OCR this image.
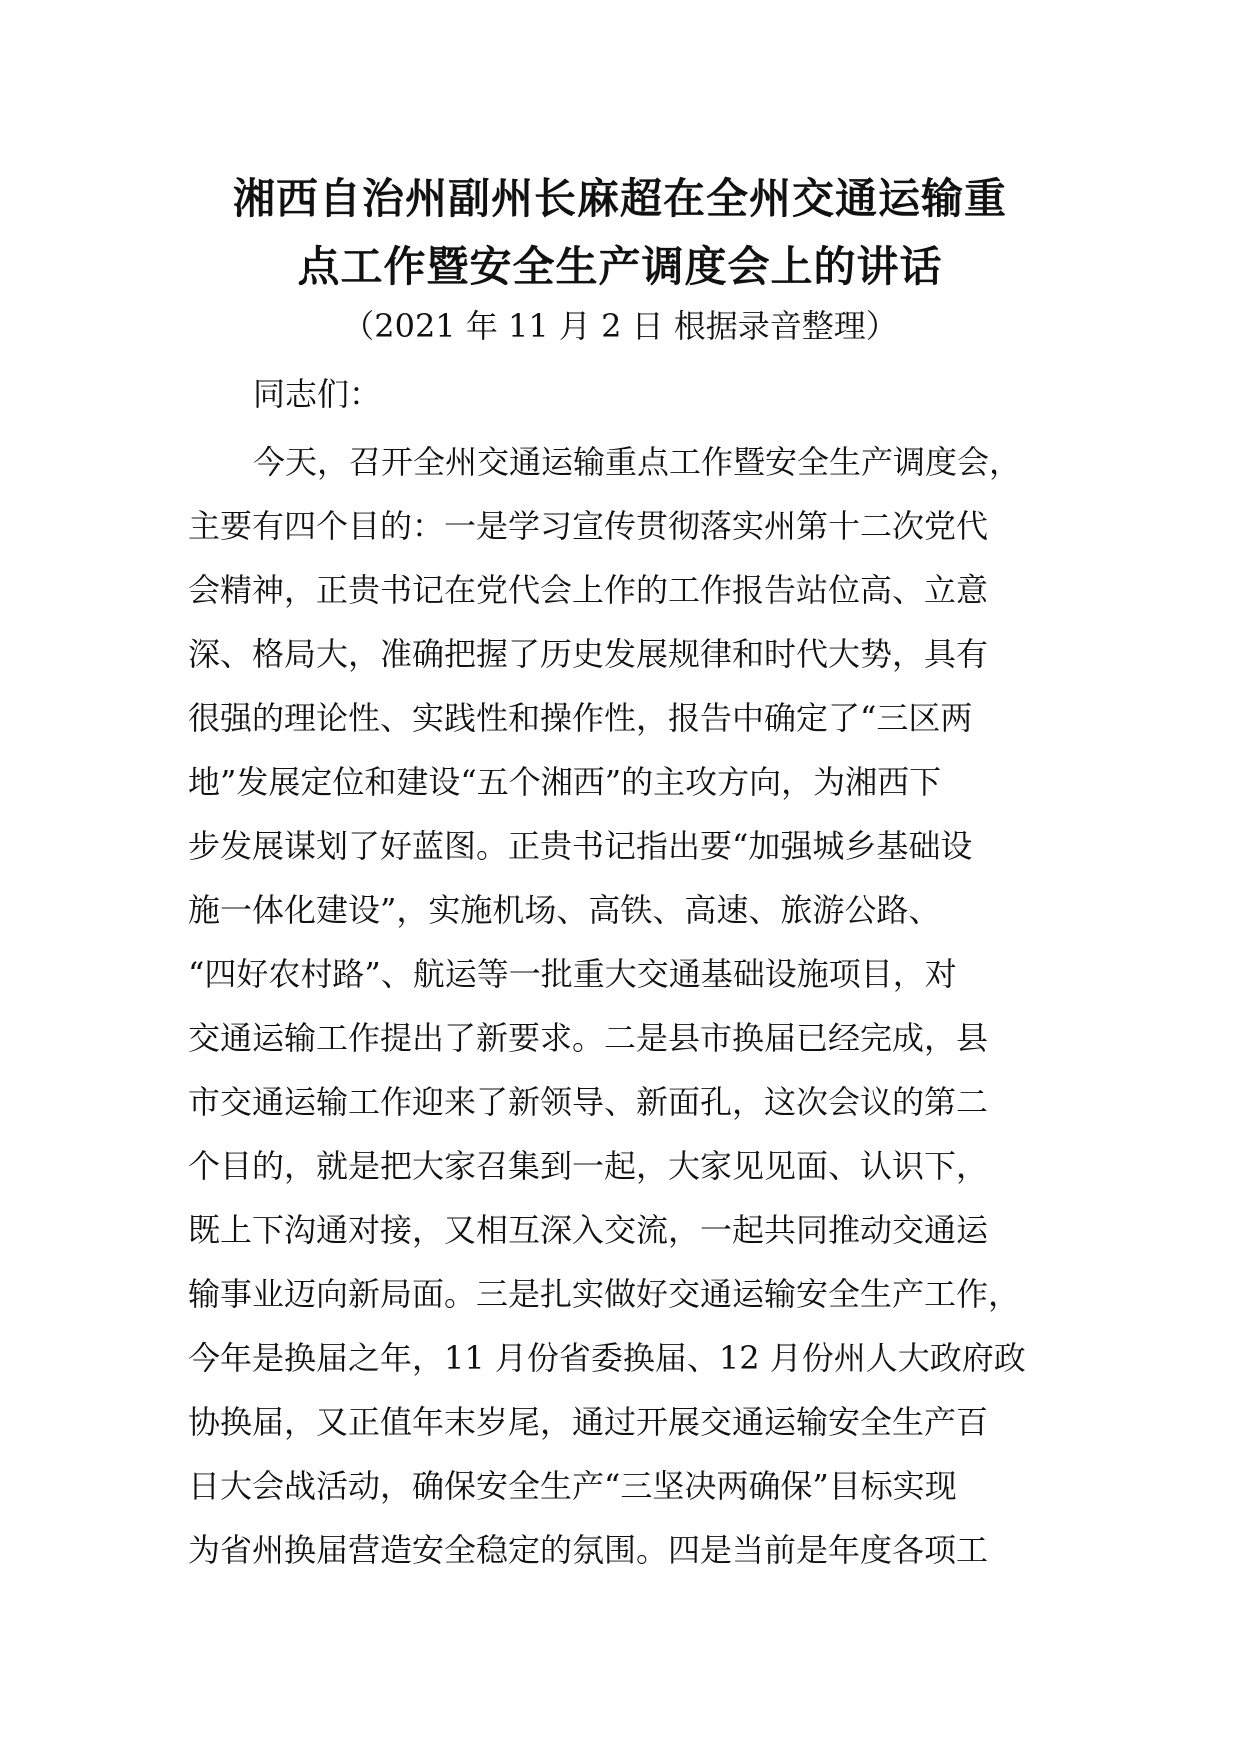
湘西自治州副州长麻超在全州交通运输重
点工作暨安全生产调度会上的讲话
（2021 年 11 月 2 日 根据录音整理）
同志们：
今天，召开全州交通运输重点工作暨安全生产调度会，
主要有四个目的：一是学习宣传贯彻落实州第十二次党代
会精神，正贵书记在党代会上作的工作报告站位高、立意
深、格局大，准确把握了历史发展规律和时代大势，具有
很强的理论性、实践性和操作性，报告中确定了“三区两
地”发展定位和建设“五个湘西”的主攻方向，为湘西下
步发展谋划了好蓝图。正贵书记指出要“加强城乡基础设
施一体化建设”，实施机场、高铁、高速、旅游公路、
“四好农村路”、航运等一批重大交通基础设施项目，对
交通运输工作提出了新要求。二是县市换届已经完成，县
市交通运输工作迎来了新领导、新面孔，这次会议的第二
个目的，就是把大家召集到一起，大家见见面、认识下，
既上下沟通对接，又相互深入交流，一起共同推动交通运
输事业迈向新局面。三是扎实做好交通运输安全生产工作，
今年是换届之年，11 月份省委换届、12 月份州人大政府政
协换届，又正值年末岁尾，通过开展交通运输安全生产百
日大会战活动，确保安全生产“三坚决两确保”目标实现
为省州换届营造安全稳定的氛围。四是当前是年度各项工
